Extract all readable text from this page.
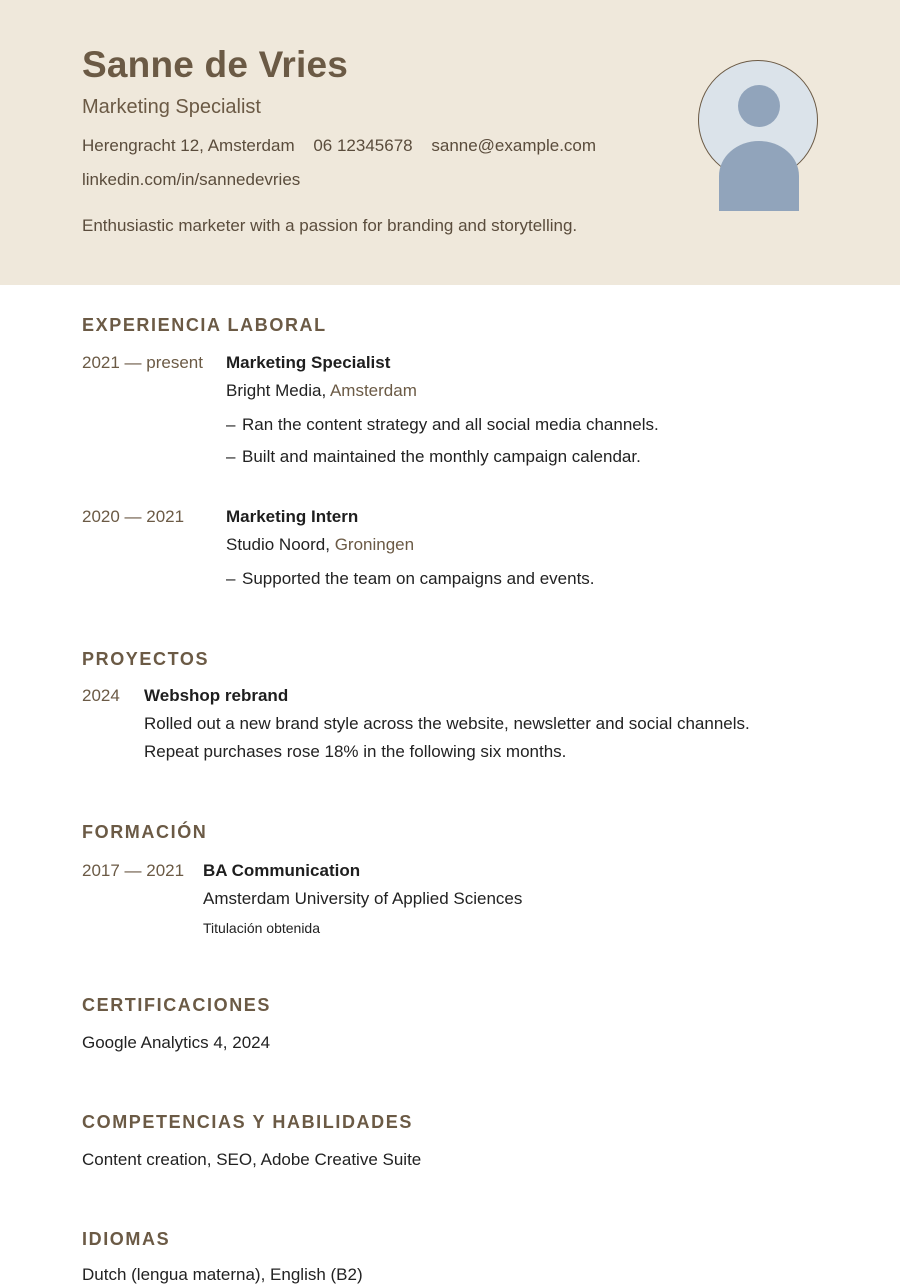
Sanne de Vries
Marketing Specialist
Herengracht 12, Amsterdam 06 12345678 sanne@example.com
linkedin.com/in/sannedevries
Enthusiastic marketer with a passion for branding and storytelling.
EXPERIENCIA LABORAL
2021 — present Marketing Specialist
Bright Media, Amsterdam
– Ran the content strategy and all social media channels.
– Built and maintained the monthly campaign calendar.
2020 — 2021 Marketing Intern
Studio Noord, Groningen
– Supported the team on campaigns and events.
PROYECTOS
2024 Webshop rebrand
Rolled out a new brand style across the website, newsletter and social channels.
Repeat purchases rose 18% in the following six months.
FORMACIÓN
2017 — 2021 BA Communication
Amsterdam University of Applied Sciences
Titulación obtenida
CERTIFICACIONES
Google Analytics 4, 2024
COMPETENCIAS Y HABILIDADES
Content creation, SEO, Adobe Creative Suite
IDIOMAS
Dutch (lengua materna), English (B2)
